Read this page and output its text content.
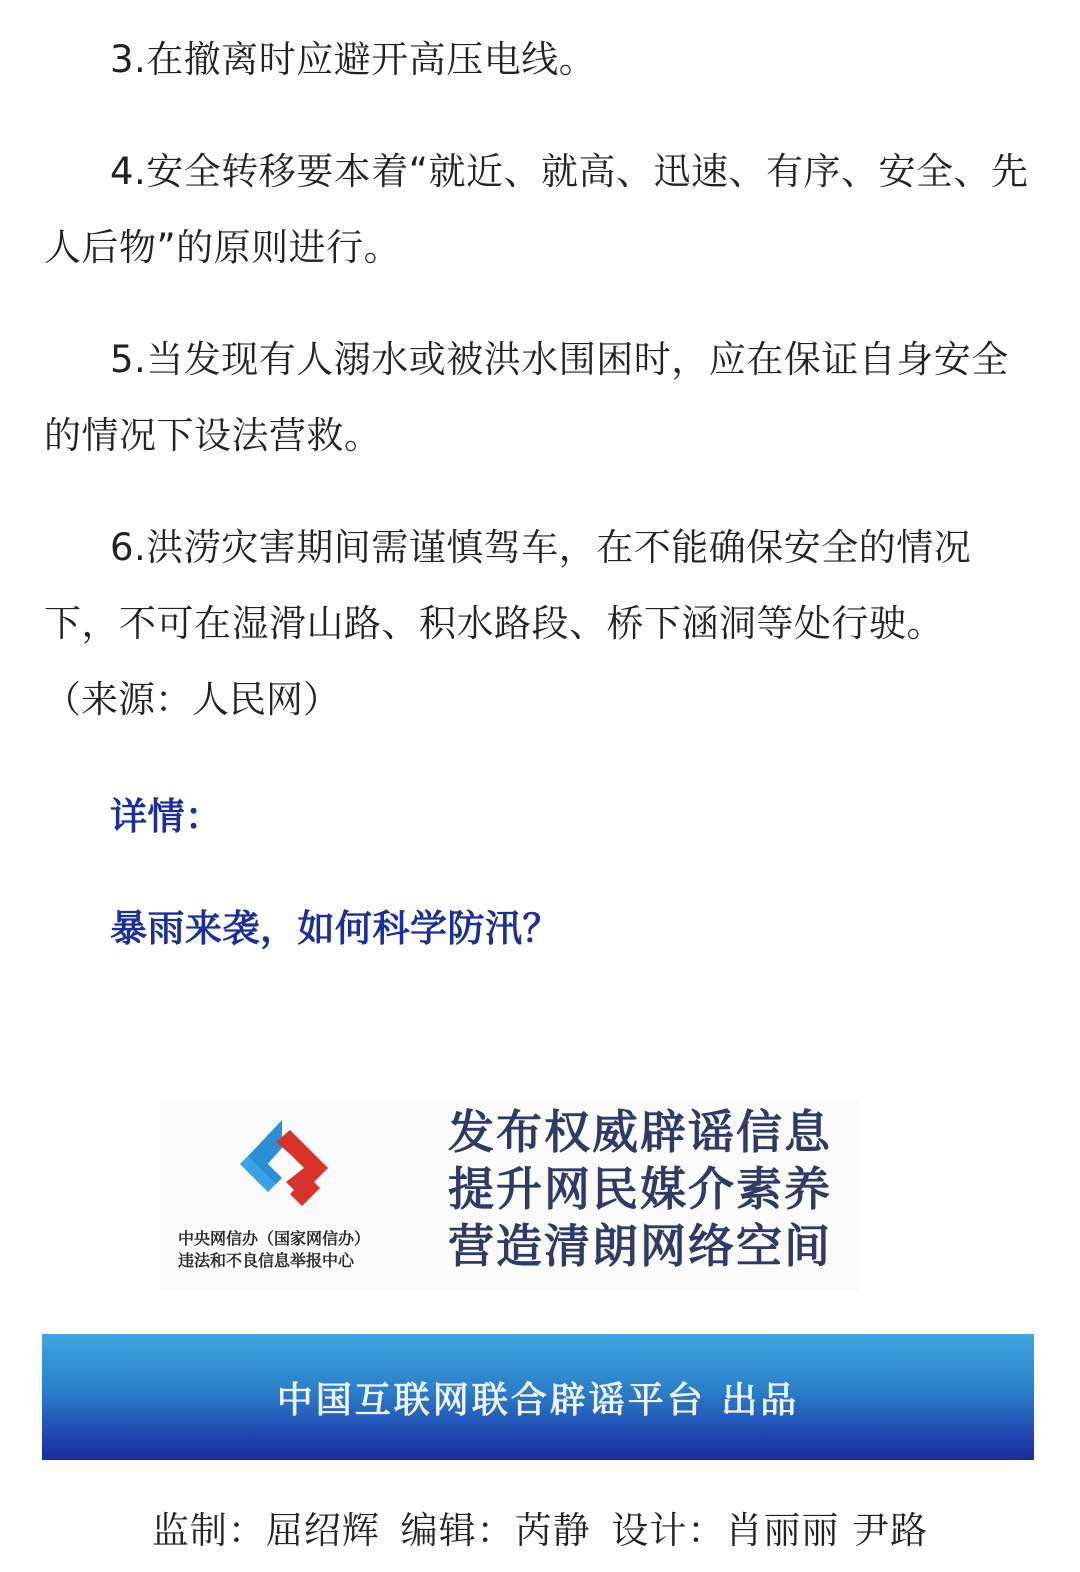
3.在撤离时应避开高压电线。

4.安全转移要本着“就近、就高、迅速、有序、安全、先人后物”的原则进行。

5.当发现有人溺水或被洪水围困时，应在保证自身安全的情况下设法营救。

6.洪涝灾害期间需谨慎驾车，在不能确保安全的情况下，不可在湿滑山路、积水路段、桥下涵洞等处行驶。

（来源：人民网）

详情：
暴雨来袭，如何科学防汛？
中央网信办（国家网信办）
违法和不良信息举报中心
发布权威辟谣信息
提升网民媒介素养
营造清朗网络空间
中国互联网联合辟谣平台 出品
监制：屈绍辉 编辑：芮静 设计：肖丽丽 尹路
